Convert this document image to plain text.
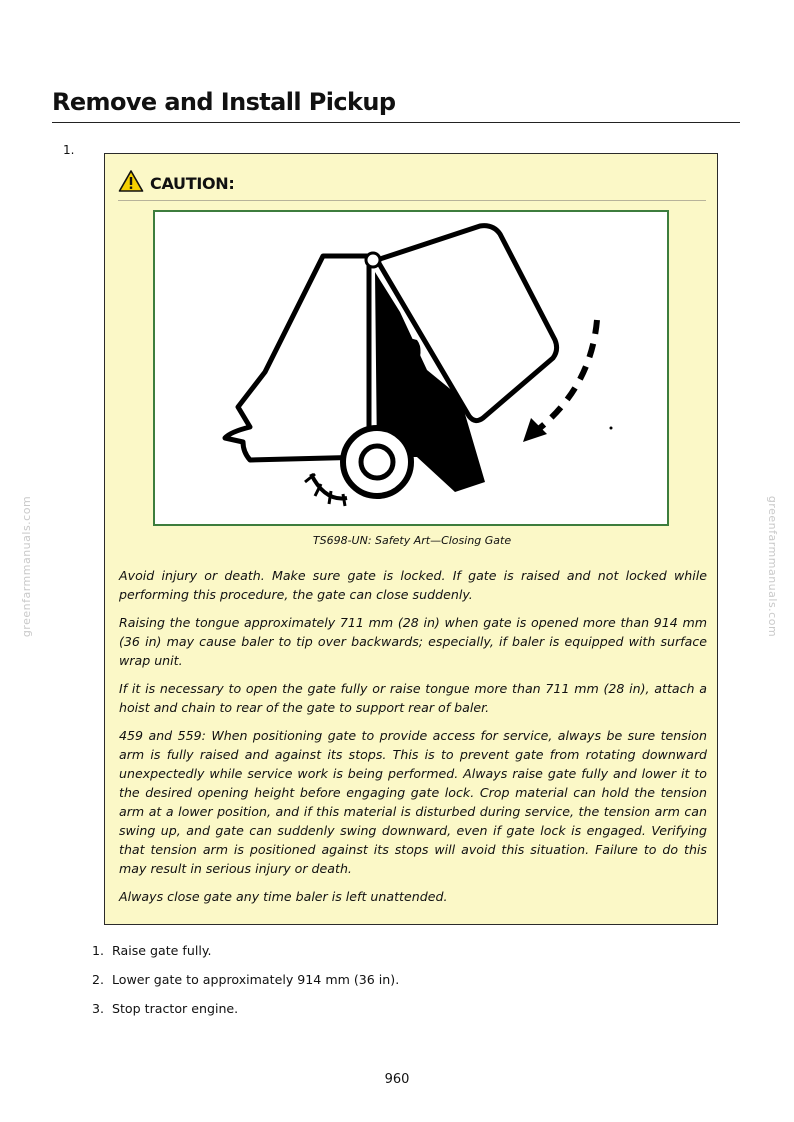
greenfarmmanuals.com	greenfarmmanuals.com
Remove and Install Pickup
1.
CAUTION:
TS698-UN: Safety Art—Closing Gate

Avoid injury or death. Make sure gate is locked. If gate is raised and not locked while performing this procedure, the gate can close suddenly.

Raising the tongue approximately 711 mm (28 in) when gate is opened more than 914 mm (36 in) may cause baler to tip over backwards; especially, if baler is equipped with surface wrap unit.

If it is necessary to open the gate fully or raise tongue more than 711 mm (28 in), attach a hoist and chain to rear of the gate to support rear of baler.

459 and 559: When positioning gate to provide access for service, always be sure tension arm is fully raised and against its stops. This is to prevent gate from rotating downward unexpectedly while service work is being performed. Always raise gate fully and lower it to the desired opening height before engaging gate lock. Crop material can hold the tension arm at a lower position, and if this material is disturbed during service, the tension arm can swing up, and gate can suddenly swing downward, even if gate lock is engaged. Verifying that tension arm is positioned against its stops will avoid this situation. Failure to do this may result in serious injury or death.

Always close gate any time baler is left unattended.

1. Raise gate fully.
2. Lower gate to approximately 914 mm (36 in).
3. Stop tractor engine.
960
